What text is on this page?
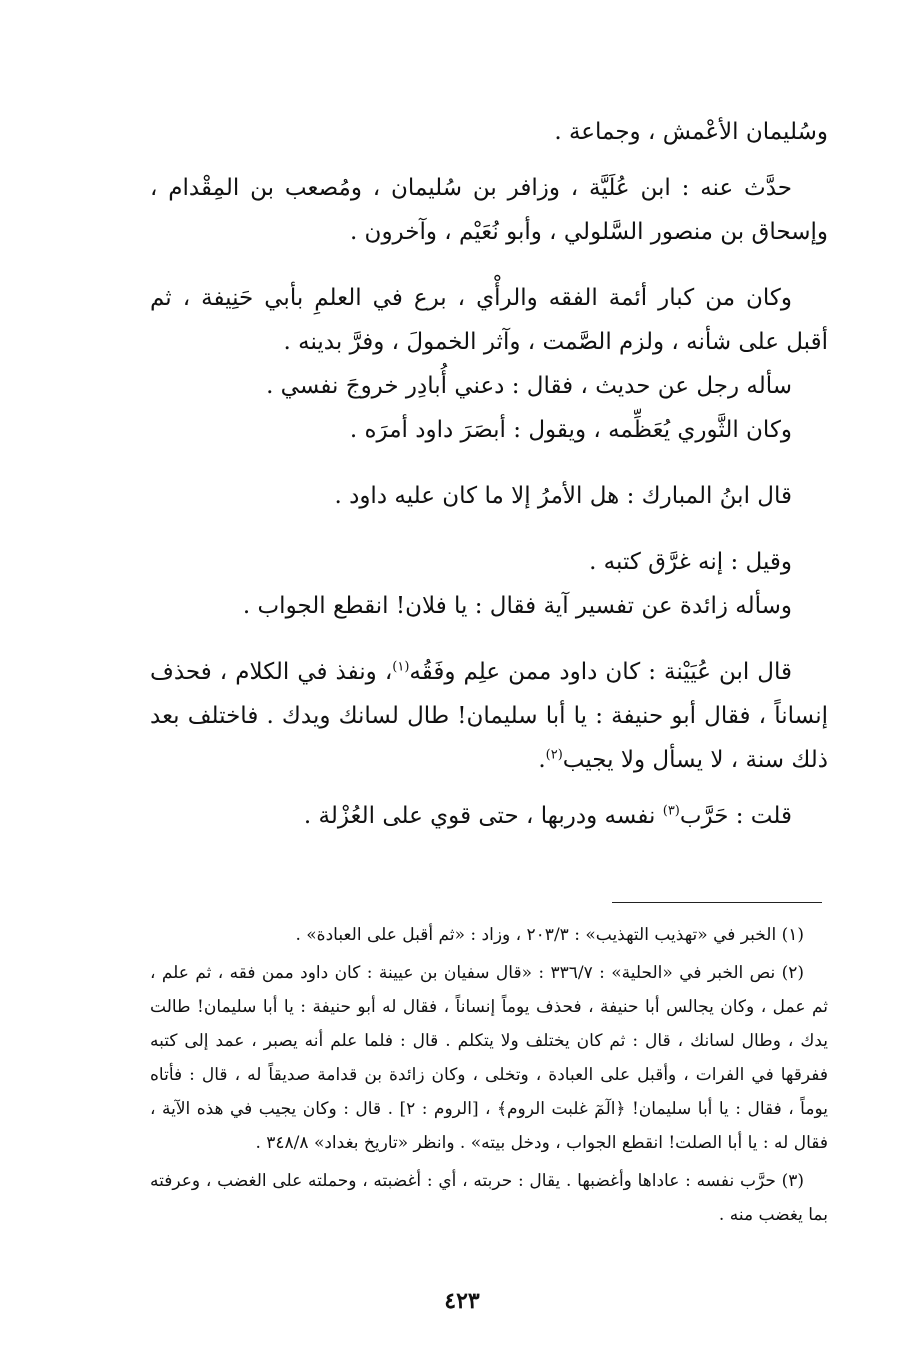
وسُليمان الأعْمش ، وجماعة .

حدَّث عنه : ابن عُلَيَّة ، وزافر بن سُليمان ، ومُصعب بن المِقْدام ، وإسحاق بن منصور السَّلولي ، وأبو نُعَيْم ، وآخرون .

وكان من كبار أئمة الفقه والرأْي ، برع في العلمِ بأبي حَنِيفة ، ثم أقبل على شأنه ، ولزم الصَّمت ، وآثر الخمولَ ، وفرَّ بدينه .

سأله رجل عن حديث ، فقال : دعني أُبادِر خروجَ نفسي .

وكان الثَّوري يُعَظِّمه ، ويقول : أبصَرَ داود أمرَه .

قال ابنُ المبارك : هل الأمرُ إلا ما كان عليه داود .

وقيل : إنه غرَّق كتبه .

وسأله زائدة عن تفسير آية فقال : يا فلان! انقطع الجواب .

قال ابن عُيَيْنة : كان داود ممن علِم وفَقُه$^{(١)}$، ونفذ في الكلام ، فحذف إنساناً ، فقال أبو حنيفة : يا أبا سليمان! طال لسانك ويدك . فاختلف بعد ذلك سنة ، لا يسأل ولا يجيب$^{(٢)}$.

قلت : حَرَّب$^{(٣)}$ نفسه ودربها ، حتى قوي على العُزْلة .

(١) الخبر في «تهذيب التهذيب» : ٢٠٣/٣ ، وزاد : «ثم أقبل على العبادة» .

(٢) نص الخبر في «الحلية» : ٣٣٦/٧ : «قال سفيان بن عيينة : كان داود ممن فقه ، ثم علم ، ثم عمل ، وكان يجالس أبا حنيفة ، فحذف يوماً إنساناً ، فقال له أبو حنيفة : يا أبا سليمان! طالت يدك ، وطال لسانك ، قال : ثم كان يختلف ولا يتكلم . قال : فلما علم أنه يصبر ، عمد إلى كتبه ففرقها في الفرات ، وأقبل على العبادة ، وتخلى ، وكان زائدة بن قدامة صديقاً له ، قال : فأتاه يوماً ، فقال : يا أبا سليمان! ﴿الٓمٓ غلبت الروم﴾ ، [الروم : ٢] . قال : وكان يجيب في هذه الآية ، فقال له : يا أبا الصلت! انقطع الجواب ، ودخل بيته» . وانظر «تاريخ بغداد» ٣٤٨/٨ .

(٣) حرَّب نفسه : عاداها وأغضبها . يقال : حربته ، أي : أغضبته ، وحملته على الغضب ، وعرفته بما يغضب منه .

٤٢٣
